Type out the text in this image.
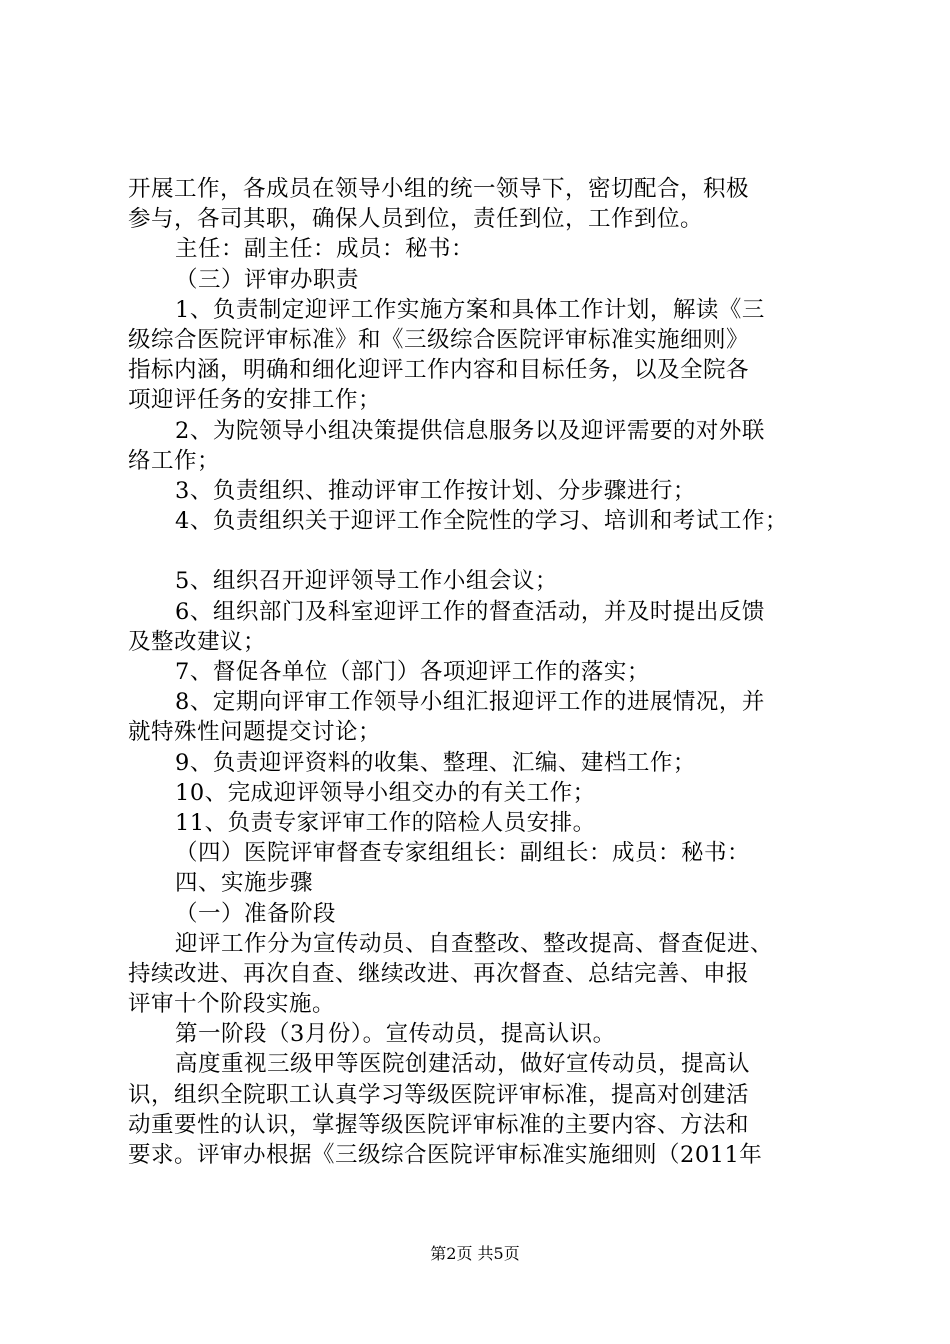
开展工作，各成员在领导小组的统一领导下，密切配合，积极
参与，各司其职，确保人员到位，责任到位，工作到位。
主任：副主任：成员：秘书：
（三）评审办职责
1、负责制定迎评工作实施方案和具体工作计划，解读《三
级综合医院评审标准》和《三级综合医院评审标准实施细则》
指标内涵，明确和细化迎评工作内容和目标任务，以及全院各
项迎评任务的安排工作；
2、为院领导小组决策提供信息服务以及迎评需要的对外联
络工作；
3、负责组织、推动评审工作按计划、分步骤进行；
4、负责组织关于迎评工作全院性的学习、培训和考试工作；
5、组织召开迎评领导工作小组会议；
6、组织部门及科室迎评工作的督查活动，并及时提出反馈
及整改建议；
7、督促各单位（部门）各项迎评工作的落实；
8、定期向评审工作领导小组汇报迎评工作的进展情况，并
就特殊性问题提交讨论；
9、负责迎评资料的收集、整理、汇编、建档工作；
10、完成迎评领导小组交办的有关工作；
11、负责专家评审工作的陪检人员安排。
（四）医院评审督查专家组组长：副组长：成员：秘书：
四、实施步骤
（一）准备阶段
迎评工作分为宣传动员、自查整改、整改提高、督查促进、
持续改进、再次自查、继续改进、再次督查、总结完善、申报
评审十个阶段实施。
第一阶段（3月份）。宣传动员，提高认识。
高度重视三级甲等医院创建活动，做好宣传动员，提高认
识，组织全院职工认真学习等级医院评审标准，提高对创建活
动重要性的认识，掌握等级医院评审标准的主要内容、方法和
要求。评审办根据《三级综合医院评审标准实施细则（2011年
第2页 共5页
